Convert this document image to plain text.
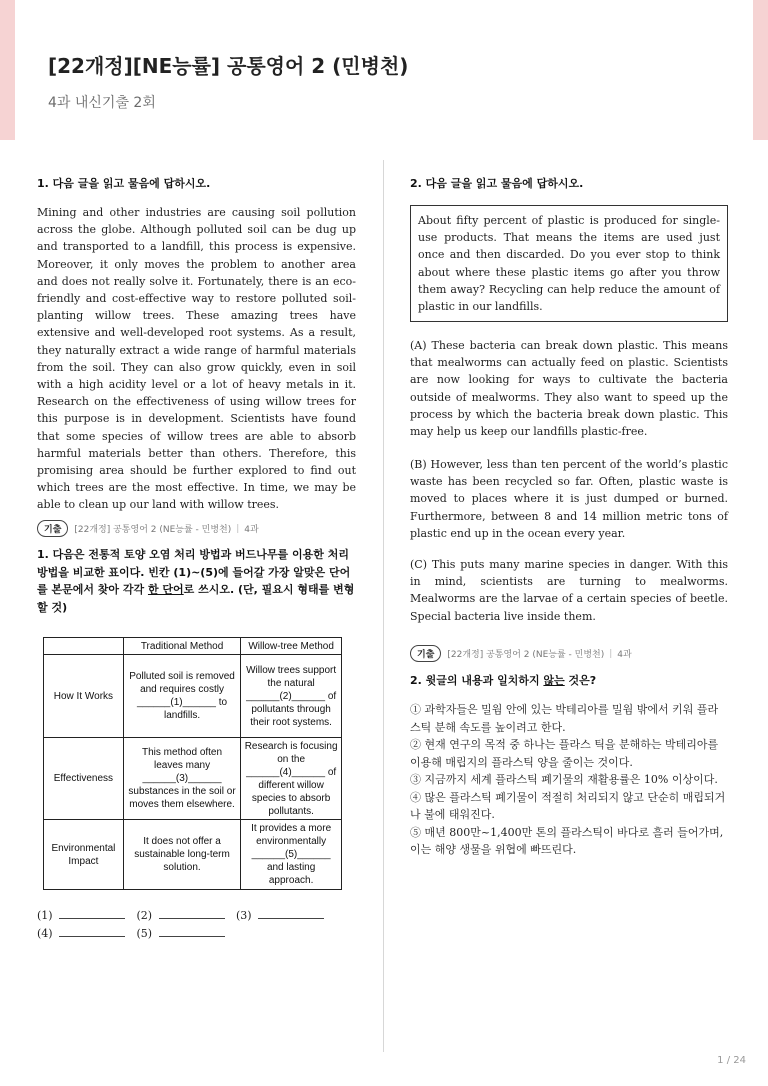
[22개정][NE능률] 공통영어 2 (민병천)
4과 내신기출 2회
1. 다음 글을 읽고 물음에 답하시오.
Mining and other industries are causing soil pollution across the globe. Although polluted soil can be dug up and transported to a landfill, this process is expensive. Moreover, it only moves the problem to another area and does not really solve it. Fortunately, there is an eco-friendly and cost-effective way to restore polluted soil-planting willow trees. These amazing trees have extensive and well-developed root systems. As a result, they naturally extract a wide range of harmful materials from the soil. They can also grow quickly, even in soil with a high acidity level or a lot of heavy metals in it. Research on the effectiveness of using willow trees for this purpose is in development. Scientists have found that some species of willow trees are able to absorb harmful materials better than others. Therefore, this promising area should be further explored to find out which trees are the most effective. In time, we may be able to clean up our land with willow trees.
기출	[22개정] 공통영어 2 (NE능률 - 민병천) | 4과
1. 다음은 전통적 토양 오염 처리 방법과 버드나무를 이용한 처리 방법을 비교한 표이다. 빈칸 (1)~(5)에 들어갈 가장 알맞은 단어를 본문에서 찾아 각각 한 단어로 쓰시오. (단, 필요시 형태를 변형할 것)
	Traditional Method	Willow-tree Method
How It Works	Polluted soil is removed and requires costly ______(1)______ to landfills.	Willow trees support the natural ______(2)______ of pollutants through their root systems.
Effectiveness	This method often leaves many ______(3)______ substances in the soil or moves them elsewhere.	Research is focusing on the ______(4)______ of different willow species to absorb pollutants.
Environmental Impact	It does not offer a sustainable long-term solution.	It provides a more environmentally ______(5)______ and lasting approach.
(1)	(2)	(3)
(4)	(5)
2. 다음 글을 읽고 물음에 답하시오.
About fifty percent of plastic is produced for single-use products. That means the items are used just once and then discarded. Do you ever stop to think about where these plastic items go after you throw them away? Recycling can help reduce the amount of plastic in our landfills.
(A) These bacteria can break down plastic. This means that mealworms can actually feed on plastic. Scientists are now looking for ways to cultivate the bacteria outside of mealworms. They also want to speed up the process by which the bacteria break down plastic. This may help us keep our landfills plastic-free.
(B) However, less than ten percent of the world’s plastic waste has been recycled so far. Often, plastic waste is moved to places where it is just dumped or burned. Furthermore, between 8 and 14 million metric tons of plastic end up in the ocean every year.
(C) This puts many marine species in danger. With this in mind, scientists are turning to mealworms. Mealworms are the larvae of a certain species of beetle. Special bacteria live inside them.
기출	[22개정] 공통영어 2 (NE능률 - 민병천) | 4과
2. 윗글의 내용과 일치하지 않는 것은?
① 과학자들은 밀웜 안에 있는 박테리아를 밀웜 밖에서 키워 플라스틱 분해 속도를 높이려고 한다.
② 현재 연구의 목적 중 하나는 플라스 틱을 분해하는 박테리아를 이용해 매립지의 플라스틱 양을 줄이는 것이다.
③ 지금까지 세계 플라스틱 폐기물의 재활용률은 10% 이상이다.
④ 많은 플라스틱 폐기물이 적절히 처리되지 않고 단순히 매립되거나 불에 태워진다.
⑤ 매년 800만~1,400만 톤의 플라스틱이 바다로 흘러 들어가며, 이는 해양 생물을 위협에 빠뜨린다.
1 / 24
